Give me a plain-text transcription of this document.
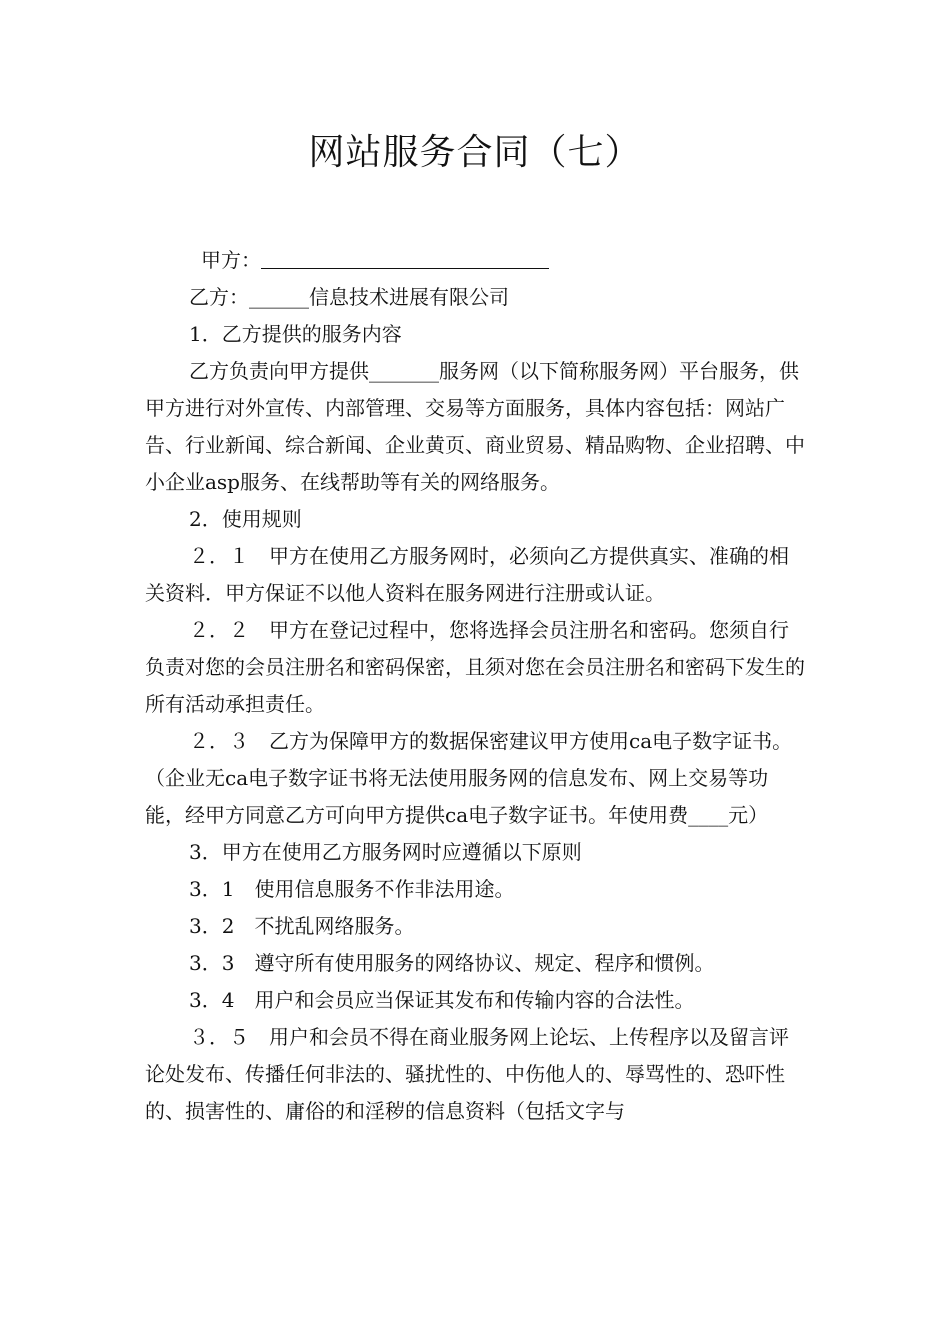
网站服务合同（七）

甲方：

乙方：______信息技术进展有限公司

1．乙方提供的服务内容

乙方负责向甲方提供_______服务网（以下简称服务网）平台服务，供甲方进行对外宣传、内部管理、交易等方面服务，具体内容包括：网站广告、行业新闻、综合新闻、企业黄页、商业贸易、精品购物、企业招聘、中小企业asp服务、在线帮助等有关的网络服务。

2．使用规则

２．１　甲方在使用乙方服务网时，必须向乙方提供真实、准确的相关资料．甲方保证不以他人资料在服务网进行注册或认证。

２．２　甲方在登记过程中，您将选择会员注册名和密码。您须自行负责对您的会员注册名和密码保密，且须对您在会员注册名和密码下发生的所有活动承担责任。

２．３　乙方为保障甲方的数据保密建议甲方使用ca电子数字证书。（企业无ca电子数字证书将无法使用服务网的信息发布、网上交易等功能，经甲方同意乙方可向甲方提供ca电子数字证书。年使用费____元）

3．甲方在使用乙方服务网时应遵循以下原则

3．1　使用信息服务不作非法用途。

3．2　不扰乱网络服务。

3．3　遵守所有使用服务的网络协议、规定、程序和惯例。

3．4　用户和会员应当保证其发布和传输内容的合法性。

３．５　用户和会员不得在商业服务网上论坛、上传程序以及留言评论处发布、传播任何非法的、骚扰性的、中伤他人的、辱骂性的、恐吓性的、损害性的、庸俗的和淫秽的信息资料（包括文字与
